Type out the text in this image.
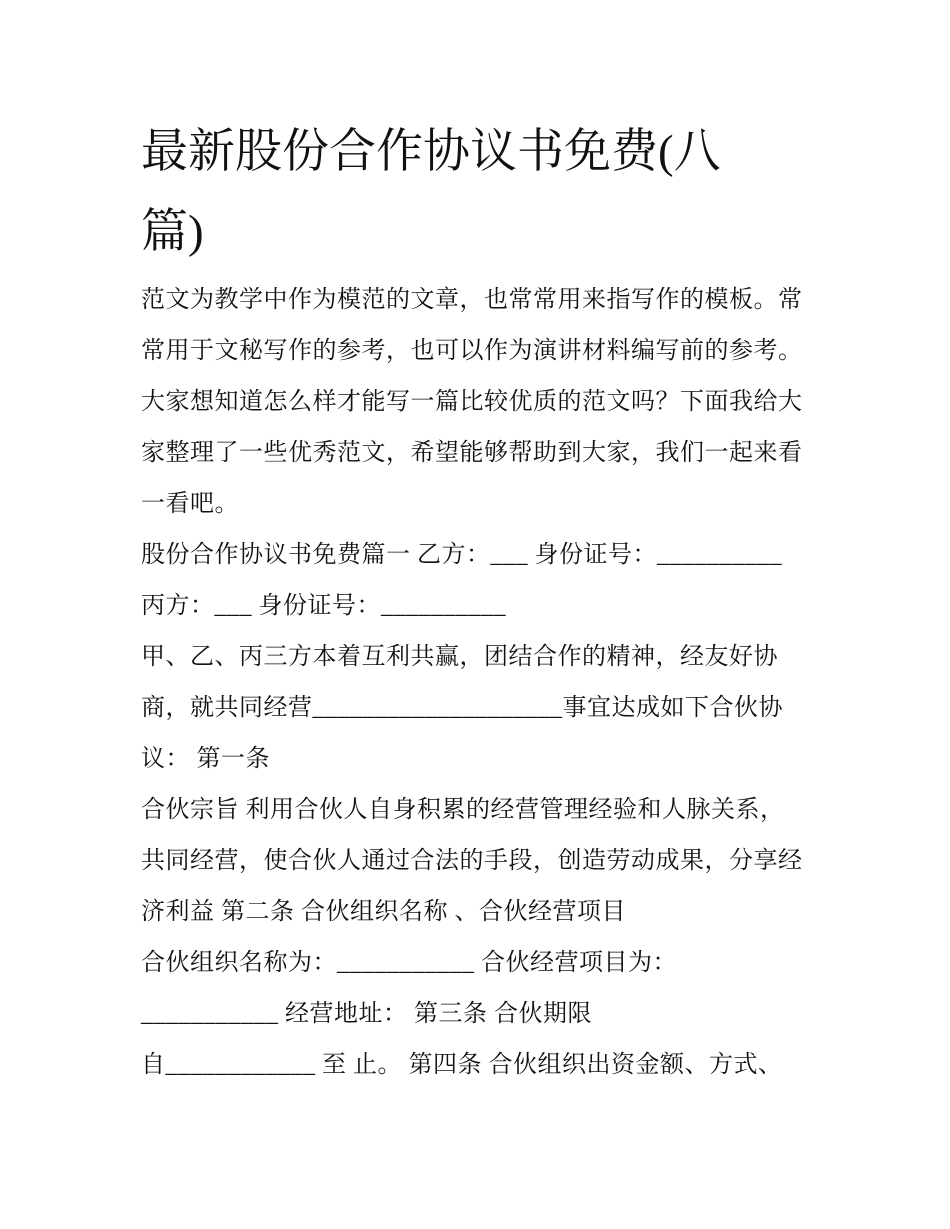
最新股份合作协议书免费(八
篇)
范文为教学中作为模范的文章，也常常用来指写作的模板。常
常用于文秘写作的参考，也可以作为演讲材料编写前的参考。
大家想知道怎么样才能写一篇比较优质的范文吗？下面我给大
家整理了一些优秀范文，希望能够帮助到大家，我们一起来看
一看吧。
股份合作协议书免费篇一 乙方：___ 身份证号：__________
丙方：___ 身份证号：__________
甲、乙、丙三方本着互利共赢，团结合作的精神，经友好协
商，就共同经营____________________事宜达成如下合伙协
议： 第一条
合伙宗旨 利用合伙人自身积累的经营管理经验和人脉关系，
共同经营，使合伙人通过合法的手段，创造劳动成果，分享经
济利益 第二条 合伙组织名称 、合伙经营项目
合伙组织名称为：___________ 合伙经营项目为：
___________ 经营地址： 第三条 合伙期限
自____________ 至 止。 第四条 合伙组织出资金额、方式、
